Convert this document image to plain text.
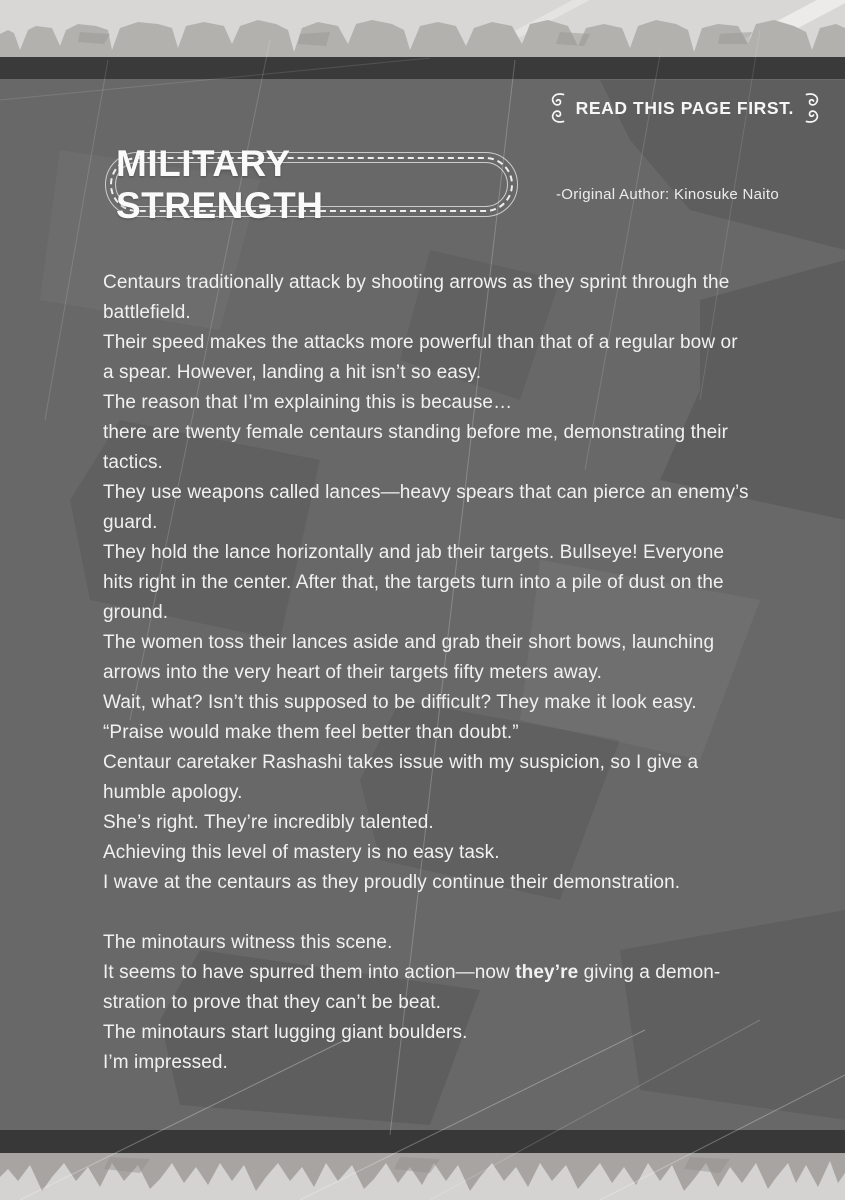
READ THIS PAGE FIRST.
MILITARY STRENGTH	-Original Author: Kinosuke Naito
Centaurs traditionally attack by shooting arrows as they sprint through the
battlefield.
Their speed makes the attacks more powerful than that of a regular bow or
a spear. However, landing a hit isn’t so easy.
The reason that I’m explaining this is because…
there are twenty female centaurs standing before me, demonstrating their
tactics.
They use weapons called lances—heavy spears that can pierce an enemy’s
guard.
They hold the lance horizontally and jab their targets. Bullseye! Everyone
hits right in the center. After that, the targets turn into a pile of dust on the
ground.
The women toss their lances aside and grab their short bows, launching
arrows into the very heart of their targets fifty meters away.
Wait, what? Isn’t this supposed to be difficult? They make it look easy.
“Praise would make them feel better than doubt.”
Centaur caretaker Rashashi takes issue with my suspicion, so I give a
humble apology.
She’s right. They’re incredibly talented.
Achieving this level of mastery is no easy task.
I wave at the centaurs as they proudly continue their demonstration.
The minotaurs witness this scene.
It seems to have spurred them into action—now they’re giving a demon-
stration to prove that they can’t be beat.
The minotaurs start lugging giant boulders.
I’m impressed.
